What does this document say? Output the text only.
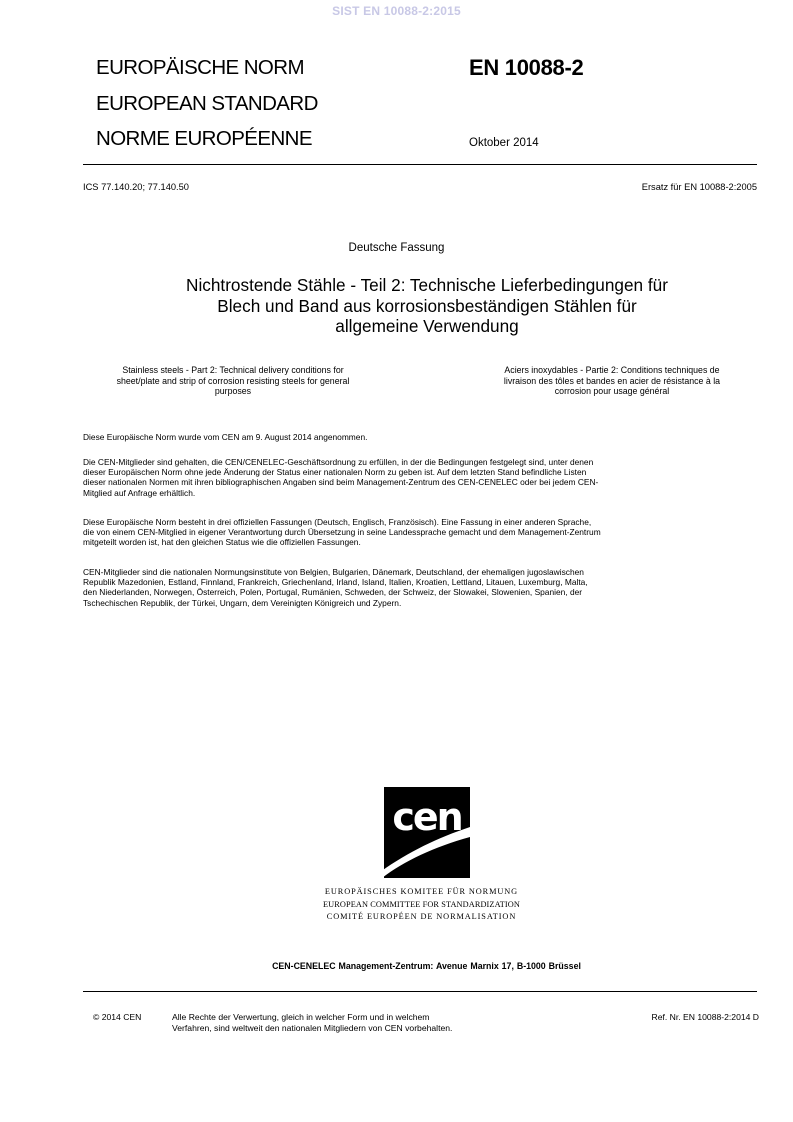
SIST EN 10088-2:2015
EUROPÄISCHE NORM
EUROPEAN STANDARD
NORME EUROPÉENNE
EN 10088-2
Oktober 2014
ICS 77.140.20; 77.140.50	Ersatz für EN 10088-2:2005
Deutsche Fassung
Nichtrostende Stähle - Teil 2: Technische Lieferbedingungen für
Blech und Band aus korrosionsbeständigen Stählen für
allgemeine Verwendung
Stainless steels - Part 2: Technical delivery conditions for
sheet/plate and strip of corrosion resisting steels for general
purposes
Aciers inoxydables - Partie 2: Conditions techniques de
livraison des tôles et bandes en acier de résistance à la
corrosion pour usage général
Diese Europäische Norm wurde vom CEN am 9. August 2014 angenommen.
Die CEN-Mitglieder sind gehalten, die CEN/CENELEC-Geschäftsordnung zu erfüllen, in der die Bedingungen festgelegt sind, unter denen
dieser Europäischen Norm ohne jede Änderung der Status einer nationalen Norm zu geben ist. Auf dem letzten Stand befindliche Listen
dieser nationalen Normen mit ihren bibliographischen Angaben sind beim Management-Zentrum des CEN-CENELEC oder bei jedem CEN-
Mitglied auf Anfrage erhältlich.
Diese Europäische Norm besteht in drei offiziellen Fassungen (Deutsch, Englisch, Französisch). Eine Fassung in einer anderen Sprache,
die von einem CEN-Mitglied in eigener Verantwortung durch Übersetzung in seine Landessprache gemacht und dem Management-Zentrum
mitgeteilt worden ist, hat den gleichen Status wie die offiziellen Fassungen.
CEN-Mitglieder sind die nationalen Normungsinstitute von Belgien, Bulgarien, Dänemark, Deutschland, der ehemaligen jugoslawischen
Republik Mazedonien, Estland, Finnland, Frankreich, Griechenland, Irland, Island, Italien, Kroatien, Lettland, Litauen, Luxemburg, Malta,
den Niederlanden, Norwegen, Österreich, Polen, Portugal, Rumänien, Schweden, der Schweiz, der Slowakei, Slowenien, Spanien, der
Tschechischen Republik, der Türkei, Ungarn, dem Vereinigten Königreich und Zypern.
cen
EUROPÄISCHES KOMITEE FÜR NORMUNG
EUROPEAN COMMITTEE FOR STANDARDIZATION
COMITÉ EUROPÉEN DE NORMALISATION
CEN-CENELEC Management-Zentrum: Avenue Marnix 17, B-1000 Brüssel
© 2014 CEN	Alle Rechte der Verwertung, gleich in welcher Form und in welchem
Verfahren, sind weltweit den nationalen Mitgliedern von CEN vorbehalten.
Ref. Nr. EN 10088-2:2014 D
